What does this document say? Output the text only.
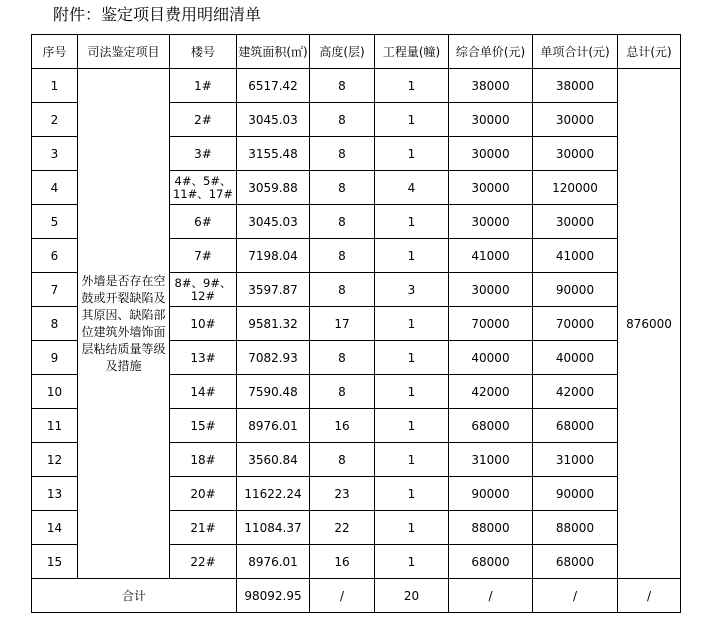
附件：鉴定项目费用明细清单
序号	司法鉴定项目	楼号	建筑面积(㎡)	高度(层)	工程量(幢)	综合单价(元)	单项合计(元)	总计(元)
1	外墙是否存在空鼓或开裂缺陷及其原因、缺陷部位建筑外墙饰面层粘结质量等级及措施	1#	6517.42	8	1	38000	38000	876000
2		2#	3045.03	8	1	30000	30000	
3		3#	3155.48	8	1	30000	30000	
4		4#、5#、11#、17#	3059.88	8	4	30000	120000	
5		6#	3045.03	8	1	30000	30000	
6		7#	7198.04	8	1	41000	41000	
7		8#、9#、12#	3597.87	8	3	30000	90000	
8		10#	9581.32	17	1	70000	70000	
9		13#	7082.93	8	1	40000	40000	
10		14#	7590.48	8	1	42000	42000	
11		15#	8976.01	16	1	68000	68000	
12		18#	3560.84	8	1	31000	31000	
13		20#	11622.24	23	1	90000	90000	
14		21#	11084.37	22	1	88000	88000	
15		22#	8976.01	16	1	68000	68000	
合计			98092.95	/	20	/	/	/
